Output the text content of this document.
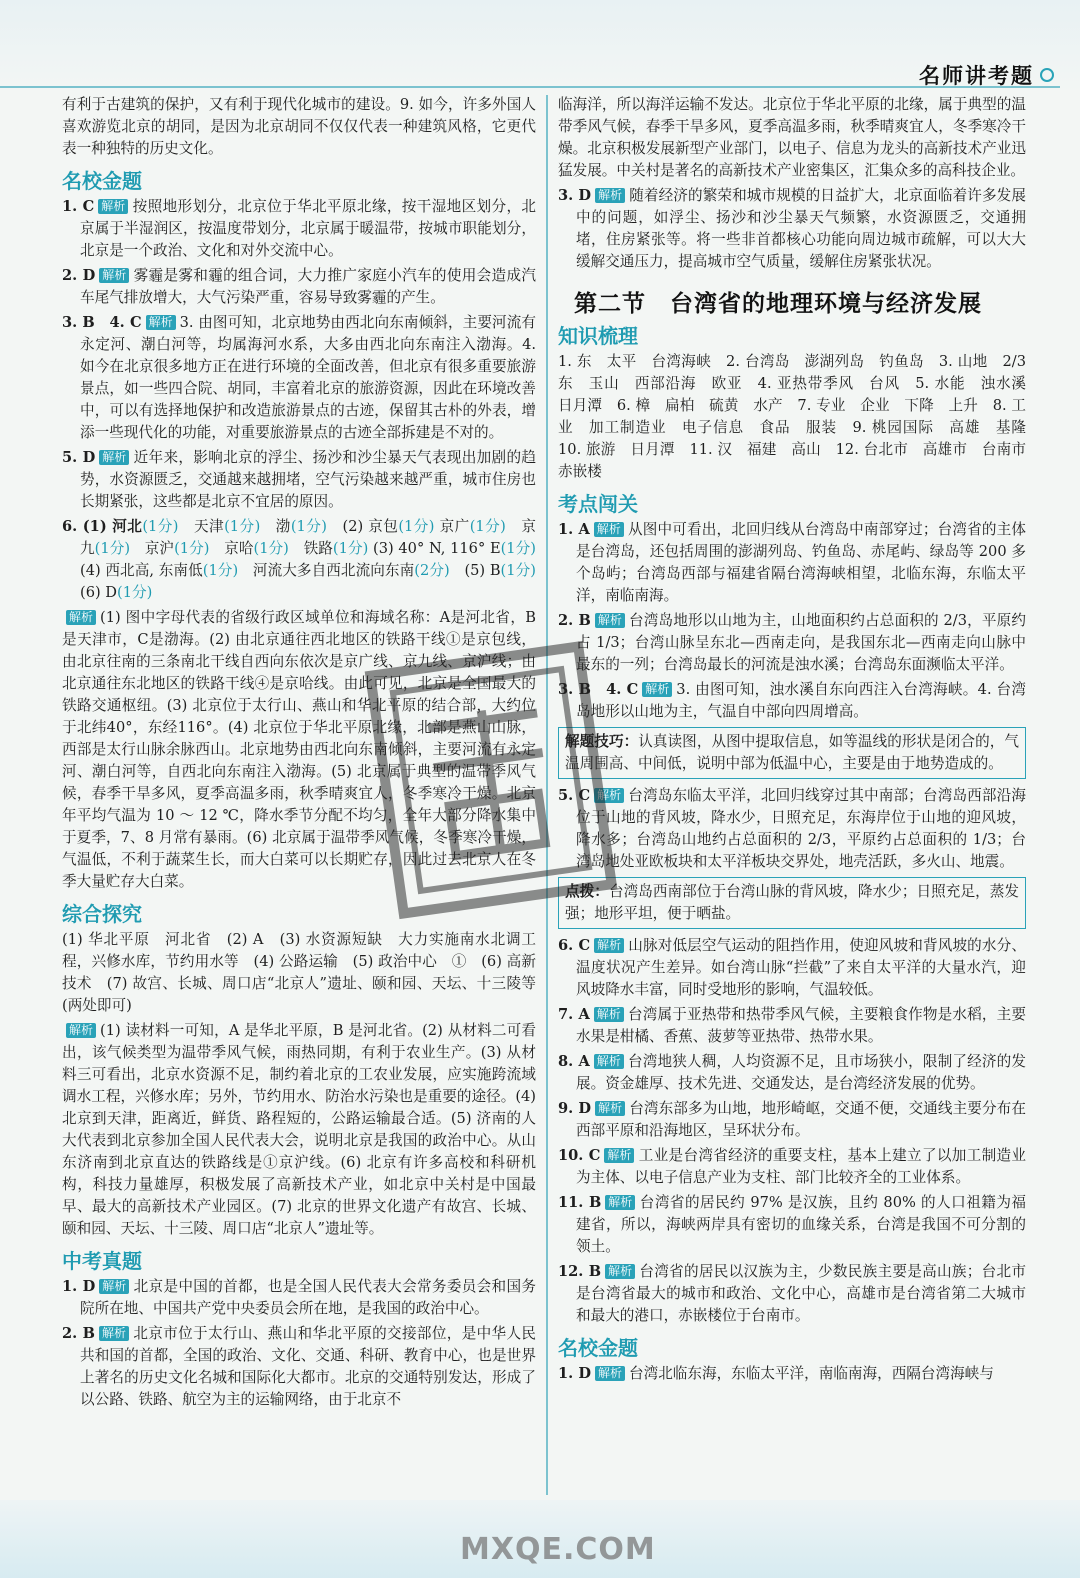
名师讲考题

有利于古建筑的保护，又有利于现代化城市的建设。9. 如今，许多外国人喜欢游览北京的胡同，是因为北京胡同不仅仅代表一种建筑风格，它更代表一种独特的历史文化。

名校金题

1. C 解析 按照地形划分，北京位于华北平原北缘，按干湿地区划分，北京属于半湿润区，按温度带划分，北京属于暖温带，按城市职能划分，北京是一个政治、文化和对外交流中心。

2. D 解析 雾霾是雾和霾的组合词，大力推广家庭小汽车的使用会造成汽车尾气排放增大，大气污染严重，容易导致雾霾的产生。

3. B　4. C 解析 3. 由图可知，北京地势由西北向东南倾斜，主要河流有永定河、潮白河等，均属海河水系，大多由西北向东南注入渤海。4. 如今在北京很多地方正在进行环境的全面改善，但北京有很多重要旅游景点，如一些四合院、胡同，丰富着北京的旅游资源，因此在环境改善中，可以有选择地保护和改造旅游景点的古迹，保留其古朴的外表，增添一些现代化的功能，对重要旅游景点的古迹全部拆建是不对的。

5. D 解析 近年来，影响北京的浮尘、扬沙和沙尘暴天气表现出加剧的趋势，水资源匮乏，交通越来越拥堵，空气污染越来越严重，城市住房也长期紧张，这些都是北京不宜居的原因。

6. (1) 河北(1分)　 天津(1分)　 渤(1分)　 (2) 京包(1分) 京广(1分)　 京九(1分)　 京沪(1分)　 京哈(1分)　 铁路(1分) (3) 40° N, 116° E(1分)　(4) 西北高, 东南低(1分)　 河流大多自西北流向东南(2分)　 (5) B(1分)　(6) D(1分)

解析 (1) 图中字母代表的省级行政区域单位和海域名称：A是河北省，B是天津市，C是渤海。(2) 由北京通往西北地区的铁路干线①是京包线，由北京往南的三条南北干线自西向东依次是京广线、京九线、京沪线；由北京通往东北地区的铁路干线④是京哈线。由此可见，北京是全国最大的铁路交通枢纽。(3) 北京位于太行山、燕山和华北平原的结合部，大约位于北纬40°，东经116°。(4) 北京位于华北平原北缘，北部是燕山山脉，西部是太行山脉余脉西山。北京地势由西北向东南倾斜，主要河流有永定河、潮白河等，自西北向东南注入渤海。(5) 北京属于典型的温带季风气候，春季干旱多风，夏季高温多雨，秋季晴爽宜人，冬季寒冷干燥。北京年平均气温为 10 ～ 12 ℃，降水季节分配不均匀，全年大部分降水集中于夏季，7、8 月常有暴雨。(6) 北京属于温带季风气候，冬季寒冷干燥，气温低，不利于蔬菜生长，而大白菜可以长期贮存，因此过去北京人在冬季大量贮存大白菜。

综合探究

(1) 华北平原　河北省　(2) A　(3) 水资源短缺　大力实施南水北调工程，兴修水库，节约用水等　(4) 公路运输　(5) 政治中心　①　(6) 高新技术　(7) 故宫、长城、周口店“北京人”遗址、颐和园、天坛、十三陵等(两处即可)

解析 (1) 读材料一可知，A 是华北平原，B 是河北省。(2) 从材料二可看出，该气候类型为温带季风气候，雨热同期，有利于农业生产。(3) 从材料三可看出，北京水资源不足，制约着北京的工农业发展，应实施跨流域调水工程，兴修水库；另外，节约用水、防治水污染也是重要的途径。(4) 北京到天津，距离近，鲜货、路程短的，公路运输最合适。(5) 济南的人大代表到北京参加全国人民代表大会，说明北京是我国的政治中心。从山东济南到北京直达的铁路线是①京沪线。(6) 北京有许多高校和科研机构，科技力量雄厚，积极发展了高新技术产业，如北京中关村是中国最早、最大的高新技术产业园区。(7) 北京的世界文化遗产有故宫、长城、颐和园、天坛、十三陵、周口店“北京人”遗址等。

中考真题

1. D 解析 北京是中国的首都，也是全国人民代表大会常务委员会和国务院所在地、中国共产党中央委员会所在地，是我国的政治中心。

2. B 解析 北京市位于太行山、燕山和华北平原的交接部位，是中华人民共和国的首都，全国的政治、文化、交通、科研、教育中心，也是世界上著名的历史文化名城和国际化大都市。北京的交通特别发达，形成了以公路、铁路、航空为主的运输网络，由于北京不

临海洋，所以海洋运输不发达。北京位于华北平原的北缘，属于典型的温带季风气候，春季干旱多风，夏季高温多雨，秋季晴爽宜人，冬季寒冷干燥。北京积极发展新型产业部门，以电子、信息为龙头的高新技术产业迅猛发展。中关村是著名的高新技术产业密集区，汇集众多的高科技企业。

3. D 解析 随着经济的繁荣和城市规模的日益扩大，北京面临着许多发展中的问题，如浮尘、扬沙和沙尘暴天气频繁，水资源匮乏，交通拥堵，住房紧张等。将一些非首都核心功能向周边城市疏解，可以大大缓解交通压力，提高城市空气质量，缓解住房紧张状况。

第二节　台湾省的地理环境与经济发展
知识梳理

1. 东　太平　台湾海峡　2. 台湾岛　澎湖列岛　钓鱼岛　3. 山地　2/3　东　玉山　西部沿海　欧亚　4. 亚热带季风　台风　5. 水能　浊水溪　日月潭　6. 樟　扁柏　硫黄　水产　7. 专业　企业　下降　上升　8. 工业　加工制造业　电子信息　食品　服装　9. 桃园国际　高雄　基隆　10. 旅游　日月潭　11. 汉　福建　高山　12. 台北市　高雄市　台南市　赤嵌楼

考点闯关

1. A 解析 从图中可看出，北回归线从台湾岛中南部穿过；台湾省的主体是台湾岛，还包括周围的澎湖列岛、钓鱼岛、赤尾屿、绿岛等 200 多个岛屿；台湾岛西部与福建省隔台湾海峡相望，北临东海，东临太平洋，南临南海。

2. B 解析 台湾岛地形以山地为主，山地面积约占总面积的 2/3，平原约占 1/3；台湾山脉呈东北—西南走向，是我国东北—西南走向山脉中最东的一列；台湾岛最长的河流是浊水溪；台湾岛东面濒临太平洋。

3. B　4. C 解析 3. 由图可知，浊水溪自东向西注入台湾海峡。4. 台湾岛地形以山地为主，气温自中部向四周增高。

解题技巧：认真读图，从图中提取信息，如等温线的形状是闭合的，气温周围高、中间低，说明中部为低温中心，主要是由于地势造成的。

5. C 解析 台湾岛东临太平洋，北回归线穿过其中南部；台湾岛西部沿海位于山地的背风坡，降水少，日照充足，东海岸位于山地的迎风坡，降水多；台湾岛山地约占总面积的 2/3，平原约占总面积的 1/3；台湾岛地处亚欧板块和太平洋板块交界处，地壳活跃，多火山、地震。

点拨：台湾岛西南部位于台湾山脉的背风坡，降水少；日照充足，蒸发强；地形平坦，便于晒盐。

6. C 解析 山脉对低层空气运动的阻挡作用，使迎风坡和背风坡的水分、温度状况产生差异。如台湾山脉“拦截”了来自太平洋的大量水汽，迎风坡降水丰富，同时受地形的影响，气温较低。

7. A 解析 台湾属于亚热带和热带季风气候，主要粮食作物是水稻，主要水果是柑橘、香蕉、菠萝等亚热带、热带水果。

8. A 解析 台湾地狭人稠，人均资源不足，且市场狭小，限制了经济的发展。资金雄厚、技术先进、交通发达，是台湾经济发展的优势。

9. D 解析 台湾东部多为山地，地形崎岖，交通不便，交通线主要分布在西部平原和沿海地区，呈环状分布。

10. C 解析 工业是台湾省经济的重要支柱，基本上建立了以加工制造业为主体、以电子信息产业为支柱、部门比较齐全的工业体系。

11. B 解析 台湾省的居民约 97% 是汉族，且约 80% 的人口祖籍为福建省，所以，海峡两岸具有密切的血缘关系，台湾是我国不可分割的领土。

12. B 解析 台湾省的居民以汉族为主，少数民族主要是高山族；台北市是台湾省最大的城市和政治、文化中心，高雄市是台湾省第二大城市和最大的港口，赤嵌楼位于台南市。

名校金题

1. D 解析 台湾北临东海，东临太平洋，南临南海，西隔台湾海峡与

MXQE.COM
